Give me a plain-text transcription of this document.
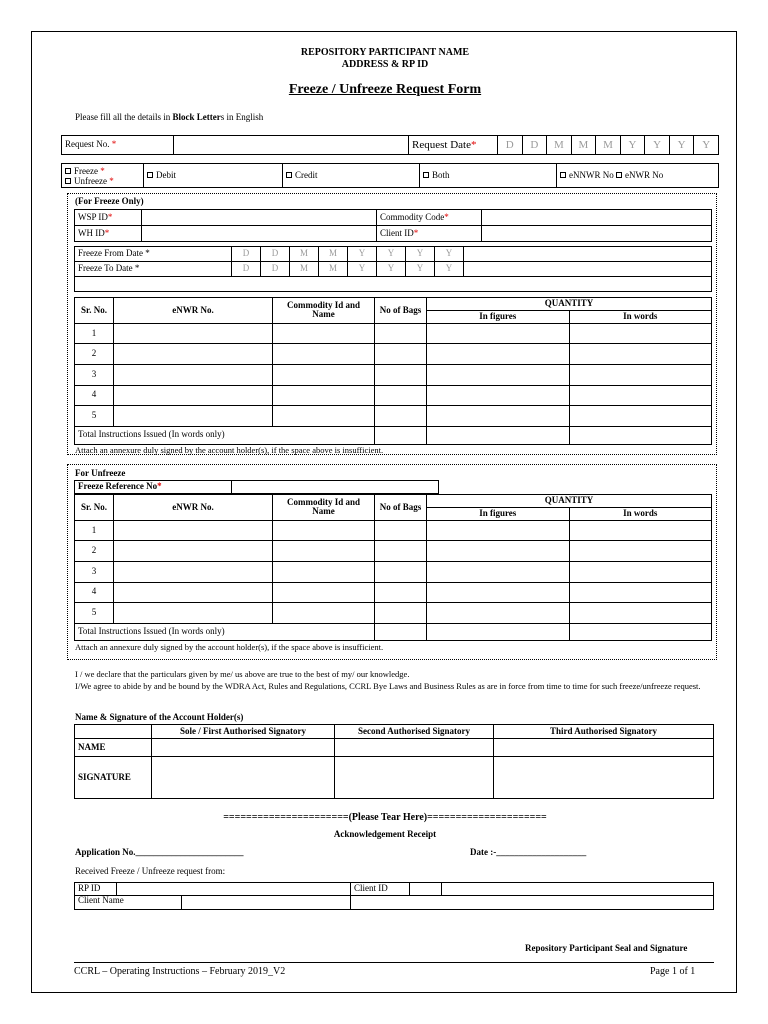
REPOSITORY PARTICIPANT NAME
ADDRESS & RP ID
Freeze / Unfreeze Request Form
Please fill all the details in Block Letters in English
Request No. *		Request Date*	D	D	M	M	M	Y	Y	Y	Y
Freeze *
Unfreeze *
	Debit	Credit	Both	eNNWR No eNWR No
(For Freeze Only)
WSP ID*		Commodity Code*	
WH ID*		Client ID*	
Freeze From Date *	D	D	M	M	Y	Y	Y	Y	
Freeze To Date *	D	D	M	M	Y	Y	Y	Y	

Sr. No.	eNWR No.	Commodity Id and Name	No of Bags	QUANTITY	
				In figures	In words
1					
2					
3					
4					
5					
Total Instructions Issued (In words only)					
Attach an annexure duly signed by the account holder(s), if the space above is insufficient.
For Unfreeze
Freeze Reference No*		
Sr. No.	eNWR No.	Commodity Id and Name	No of Bags	QUANTITY	
				In figures	In words
1					
2					
3					
4					
5					
Total Instructions Issued (In words only)					
Attach an annexure duly signed by the account holder(s), if the space above is insufficient.
I / we declare that the particulars given by me/ us above are true to the best of my/ our knowledge.
I/We agree to abide by and be bound by the WDRA Act, Rules and Regulations, CCRL Bye Laws and Business Rules as are in force from time to time for such freeze/unfreeze request.
Name & Signature of the Account Holder(s)
	Sole / First Authorised Signatory	Second Authorised Signatory	Third Authorised Signatory
NAME			
SIGNATURE			
======================(Please Tear Here)=====================
Acknowledgement Receipt
Application No.________________________	Date :-____________________
Received Freeze / Unfreeze request from:
RP ID		Client ID		

Client Name				

Repository Participant Seal and Signature
CCRL – Operating Instructions – February 2019_V2	Page 1 of 1
